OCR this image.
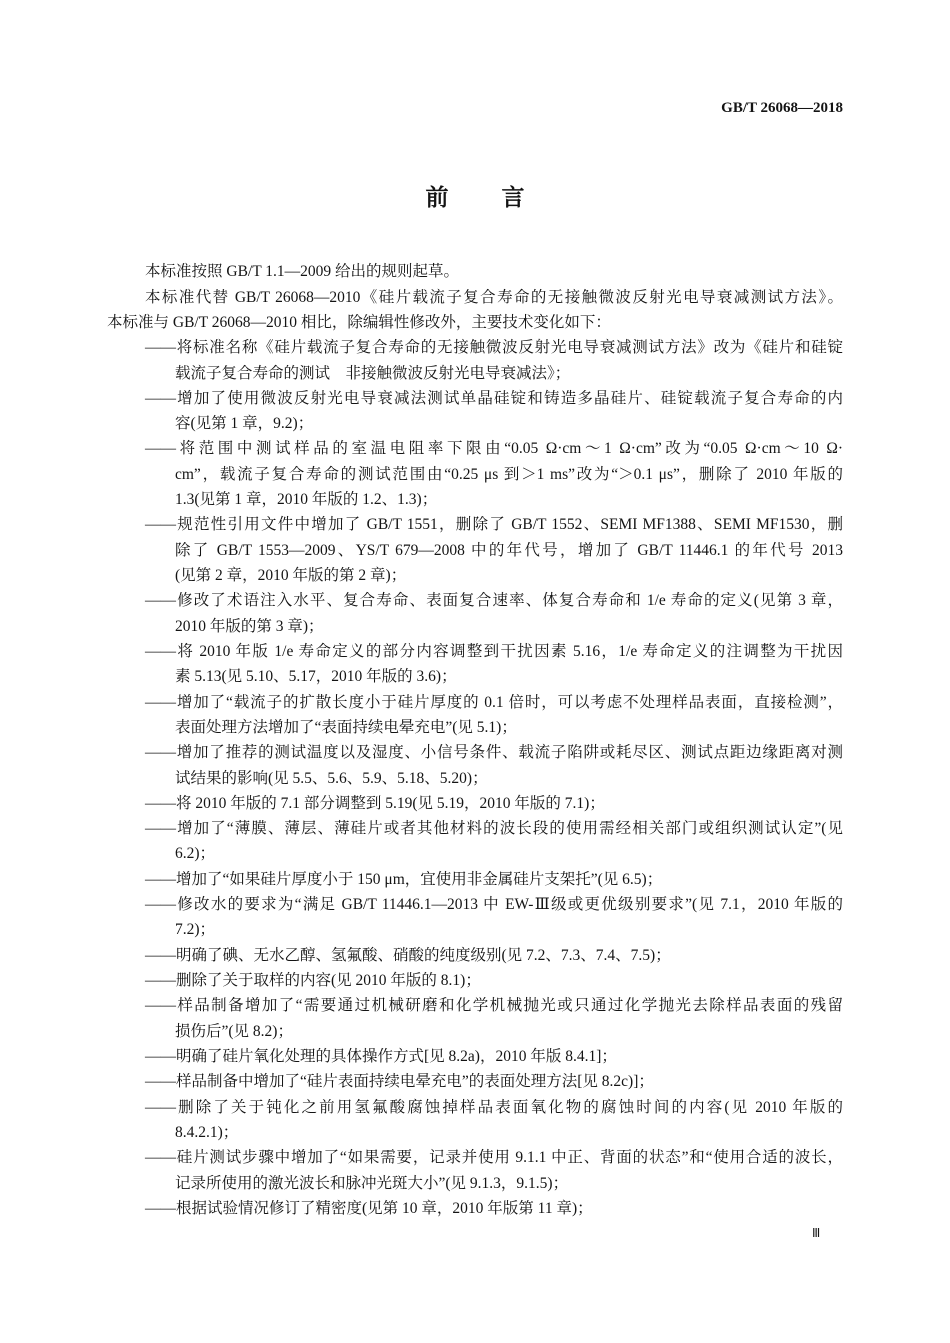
GB/T 26068—2018
前　言
本标准按照 GB/T 1.1—2009 给出的规则起草。
本标准代替 GB/T 26068—2010《硅片载流子复合寿命的无接触微波反射光电导衰减测试方法》。
本标准与 GB/T 26068—2010 相比，除编辑性修改外，主要技术变化如下：
——将标准名称《硅片载流子复合寿命的无接触微波反射光电导衰减测试方法》改为《硅片和硅锭
载流子复合寿命的测试　非接触微波反射光电导衰减法》；
——增加了使用微波反射光电导衰减法测试单晶硅锭和铸造多晶硅片、硅锭载流子复合寿命的内
容(见第 1 章，9.2)；
——将范围中测试样品的室温电阻率下限由“0.05 Ω·cm～1 Ω·cm”改为“0.05 Ω·cm～10 Ω·
cm”，载流子复合寿命的测试范围由“0.25 μs 到＞1 ms”改为“＞0.1 μs”，删除了 2010 年版的
1.3(见第 1 章，2010 年版的 1.2、1.3)；
——规范性引用文件中增加了 GB/T 1551，删除了 GB/T 1552、SEMI MF1388、SEMI MF1530，删
除了 GB/T 1553—2009、YS/T 679—2008 中的年代号，增加了 GB/T 11446.1 的年代号 2013
(见第 2 章，2010 年版的第 2 章)；
——修改了术语注入水平、复合寿命、表面复合速率、体复合寿命和 1/e 寿命的定义(见第 3 章，
2010 年版的第 3 章)；
——将 2010 年版 1/e 寿命定义的部分内容调整到干扰因素 5.16，1/e 寿命定义的注调整为干扰因
素 5.13(见 5.10、5.17，2010 年版的 3.6)；
——增加了“载流子的扩散长度小于硅片厚度的 0.1 倍时，可以考虑不处理样品表面，直接检测”，
表面处理方法增加了“表面持续电晕充电”(见 5.1)；
——增加了推荐的测试温度以及湿度、小信号条件、载流子陷阱或耗尽区、测试点距边缘距离对测
试结果的影响(见 5.5、5.6、5.9、5.18、5.20)；
——将 2010 年版的 7.1 部分调整到 5.19(见 5.19，2010 年版的 7.1)；
——增加了“薄膜、薄层、薄硅片或者其他材料的波长段的使用需经相关部门或组织测试认定”(见
6.2)；
——增加了“如果硅片厚度小于 150 μm，宜使用非金属硅片支架托”(见 6.5)；
——修改水的要求为“满足 GB/T 11446.1—2013 中 EW-Ⅲ级或更优级别要求”(见 7.1，2010 年版的
7.2)；
——明确了碘、无水乙醇、氢氟酸、硝酸的纯度级别(见 7.2、7.3、7.4、7.5)；
——删除了关于取样的内容(见 2010 年版的 8.1)；
——样品制备增加了“需要通过机械研磨和化学机械抛光或只通过化学抛光去除样品表面的残留
损伤后”(见 8.2)；
——明确了硅片氧化处理的具体操作方式[见 8.2a)，2010 年版 8.4.1]；
——样品制备中增加了“硅片表面持续电晕充电”的表面处理方法[见 8.2c)]；
——删除了关于钝化之前用氢氟酸腐蚀掉样品表面氧化物的腐蚀时间的内容(见 2010 年版的
8.4.2.1)；
——硅片测试步骤中增加了“如果需要，记录并使用 9.1.1 中正、背面的状态”和“使用合适的波长，
记录所使用的激光波长和脉冲光斑大小”(见 9.1.3，9.1.5)；
——根据试验情况修订了精密度(见第 10 章，2010 年版第 11 章)；
Ⅲ
